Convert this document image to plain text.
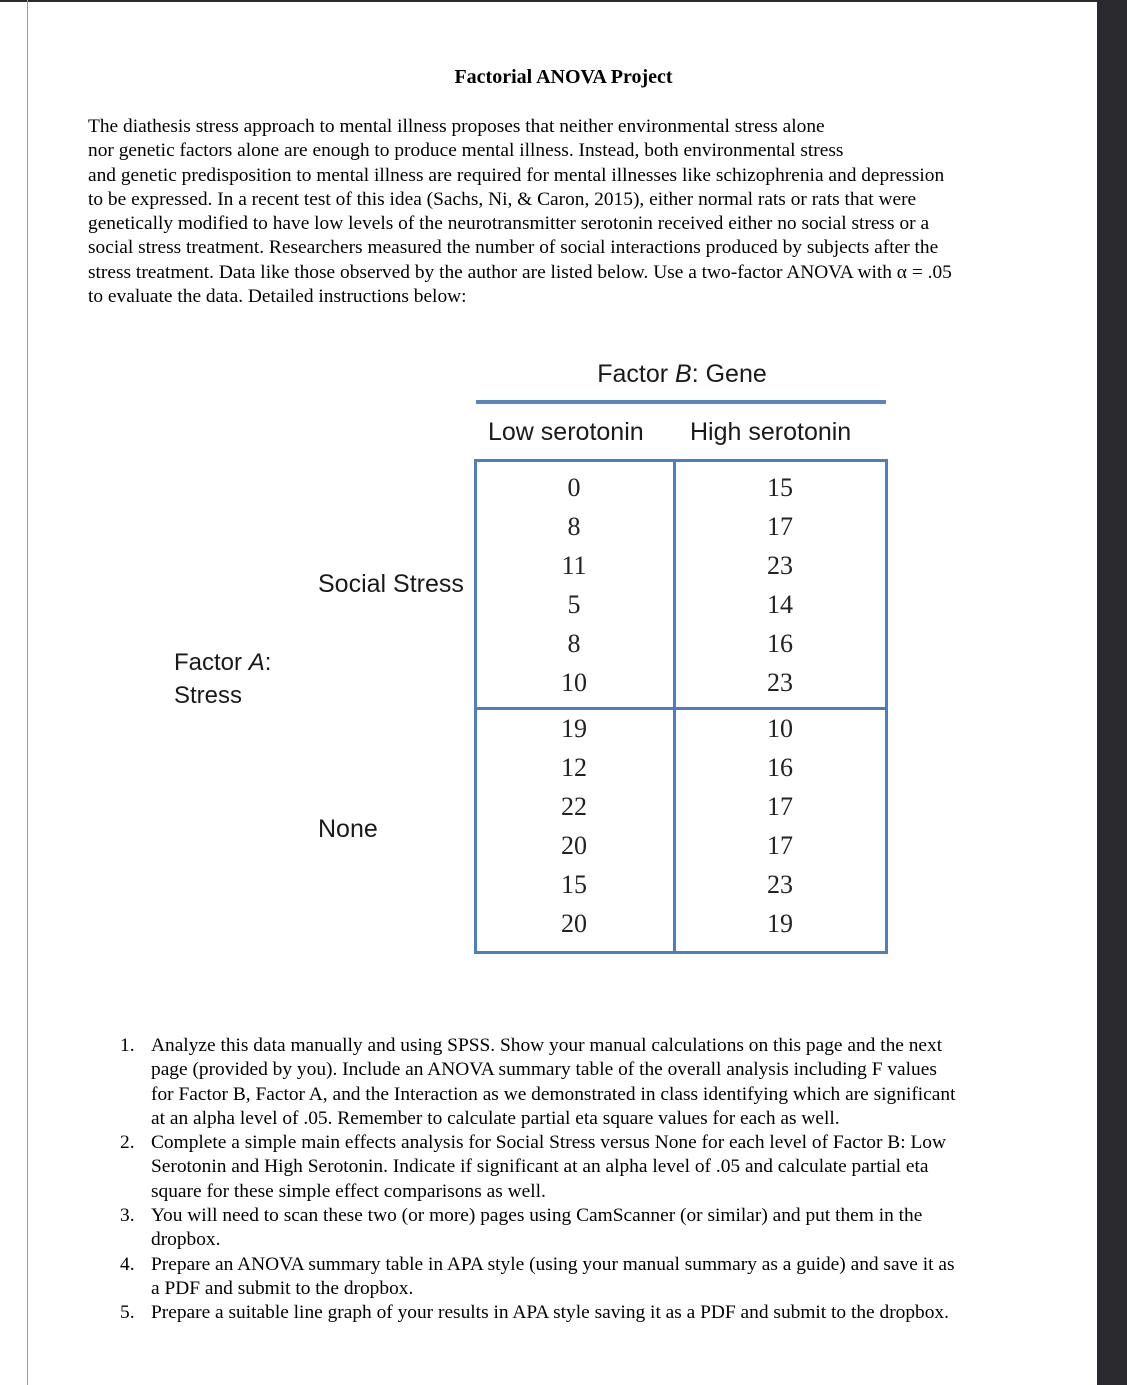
Factorial ANOVA Project

The diathesis stress approach to mental illness proposes that neither environmental stress alone
nor genetic factors alone are enough to produce mental illness. Instead, both environmental stress
and genetic predisposition to mental illness are required for mental illnesses like schizophrenia and depression
to be expressed. In a recent test of this idea (Sachs, Ni, & Caron, 2015), either normal rats or rats that were
genetically modified to have low levels of the neurotransmitter serotonin received either no social stress or a
social stress treatment. Researchers measured the number of social interactions produced by subjects after the
stress treatment. Data like those observed by the author are listed below. Use a two-factor ANOVA with α = .05
to evaluate the data. Detailed instructions below:

Factor B: Gene
Low serotonin High serotonin
Factor A:
Stress
Social Stress
None
0
8
11
5
8
10
15
17
23
14
16
23
19
12
22
20
15
20
10
16
17
17
23
19
1. Analyze this data manually and using SPSS. Show your manual calculations on this page and the next
page (provided by you). Include an ANOVA summary table of the overall analysis including F values
for Factor B, Factor A, and the Interaction as we demonstrated in class identifying which are significant
at an alpha level of .05. Remember to calculate partial eta square values for each as well.
2. Complete a simple main effects analysis for Social Stress versus None for each level of Factor B: Low
Serotonin and High Serotonin. Indicate if significant at an alpha level of .05 and calculate partial eta
square for these simple effect comparisons as well.
3. You will need to scan these two (or more) pages using CamScanner (or similar) and put them in the
dropbox.
4. Prepare an ANOVA summary table in APA style (using your manual summary as a guide) and save it as
a PDF and submit to the dropbox.
5. Prepare a suitable line graph of your results in APA style saving it as a PDF and submit to the dropbox.
